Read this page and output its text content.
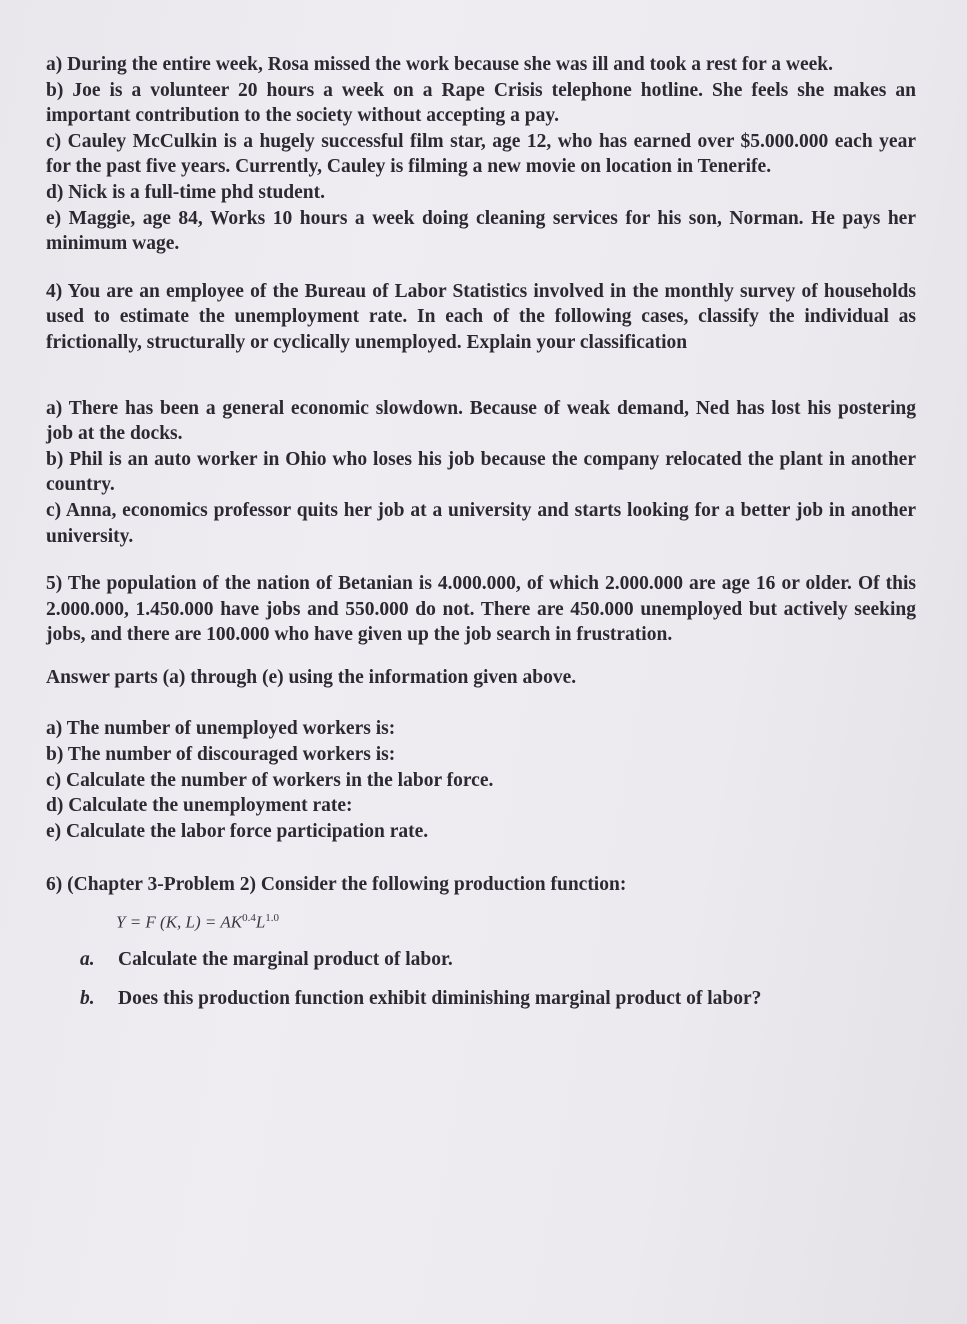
a) During the entire week, Rosa missed the work because she was ill and took a rest for a week.

b) Joe is a volunteer 20 hours a week on a Rape Crisis telephone hotline. She feels she makes an important contribution to the society without accepting a pay.

c) Cauley McCulkin is a hugely successful film star, age 12, who has earned over $5.000.000 each year for the past five years. Currently, Cauley is filming a new movie on location in Tenerife.

d) Nick is a full-time phd student.

e) Maggie, age 84, Works 10 hours a week doing cleaning services for his son, Norman. He pays her minimum wage.

4) You are an employee of the Bureau of Labor Statistics involved in the monthly survey of households used to estimate the unemployment rate. In each of the following cases, classify the individual as frictionally, structurally or cyclically unemployed. Explain your classification

a) There has been a general economic slowdown. Because of weak demand, Ned has lost his postering job at the docks.

b) Phil is an auto worker in Ohio who loses his job because the company relocated the plant in another country.

c) Anna, economics professor quits her job at a university and starts looking for a better job in another university.

5) The population of the nation of Betanian is 4.000.000, of which 2.000.000 are age 16 or older. Of this 2.000.000, 1.450.000 have jobs and 550.000 do not. There are 450.000 unemployed but actively seeking jobs, and there are 100.000 who have given up the job search in frustration.

Answer parts (a) through (e) using the information given above.

a) The number of unemployed workers is:

b) The number of discouraged workers is:

c) Calculate the number of workers in the labor force.

d) Calculate the unemployment rate:

e) Calculate the labor force participation rate.

6) (Chapter 3-Problem 2) Consider the following production function:

Y = F (K, $L) = AK^{0.4}L^{1.0}$
a.	Calculate the marginal product of labor.
b.	Does this production function exhibit diminishing marginal product of labor?
